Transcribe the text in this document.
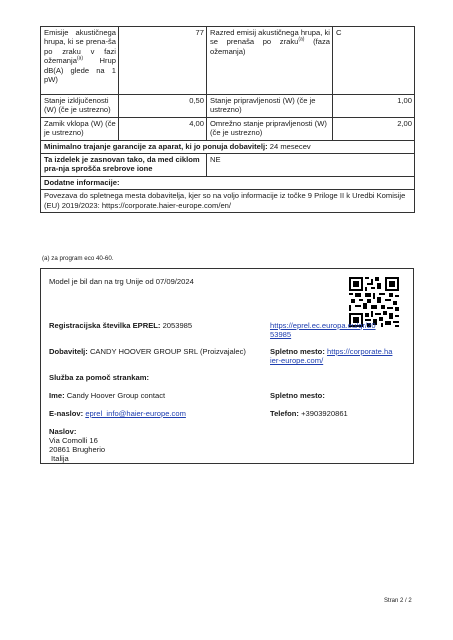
Emisije akustičnega hrupa, ki se prena-ša po zraku v fazi ožemanja$^{(a)}$ Hrup dB(A) glede na 1 pW)	77	Razred emisij akustičnega hrupa, ki se prenaša po zraku$^{(a)}$ (faza ožemanja)	C
Stanje izklju​čenosti (W) (če je ustrezno)	0,50	Stanje pripravljenosti (W) (če je ustrezno)	1,00
Zamik vklopa (W) (če je ustrezno)	4,00	Omrežno stanje pripravljenosti (W) (če je ustrezno)	2,00
Minimalno trajanje garancije za aparat, ki jo ponuja dobavitelj: 24 mesecev			
Ta izdelek je zasnovan tako, da med ciklom pra-nja sprošča srebrove ione		NE	
Dodatne informacije:			
Povezava do spletnega mesta dobavitelja, kjer so na voljo informacije iz točke 9 Priloge II k Uredbi Komisije (EU) 2019/2023: https://corporate.haier-europe.com/en/			
(a) za program eco 40-60.
Model je bil dan na trg Unije od 07/09/2024
Registracijska številka EPREL: 2053985	https://eprel.ec.europa.eu/qr/20
53985
Dobavitelj: CANDY HOOVER GROUP SRL (Proizvajalec)	Spletno mesto: https://corporate.ha
ier-europe.com/
Služba za pomoč strankam:
Ime: Candy Hoover Group contact	Spletno mesto:
E-naslov: eprel_info@haier-europe.com	Telefon: +3903920861
Naslov:
Via Comolli 16
20861 Brugherio
Italija
Stran 2 / 2
